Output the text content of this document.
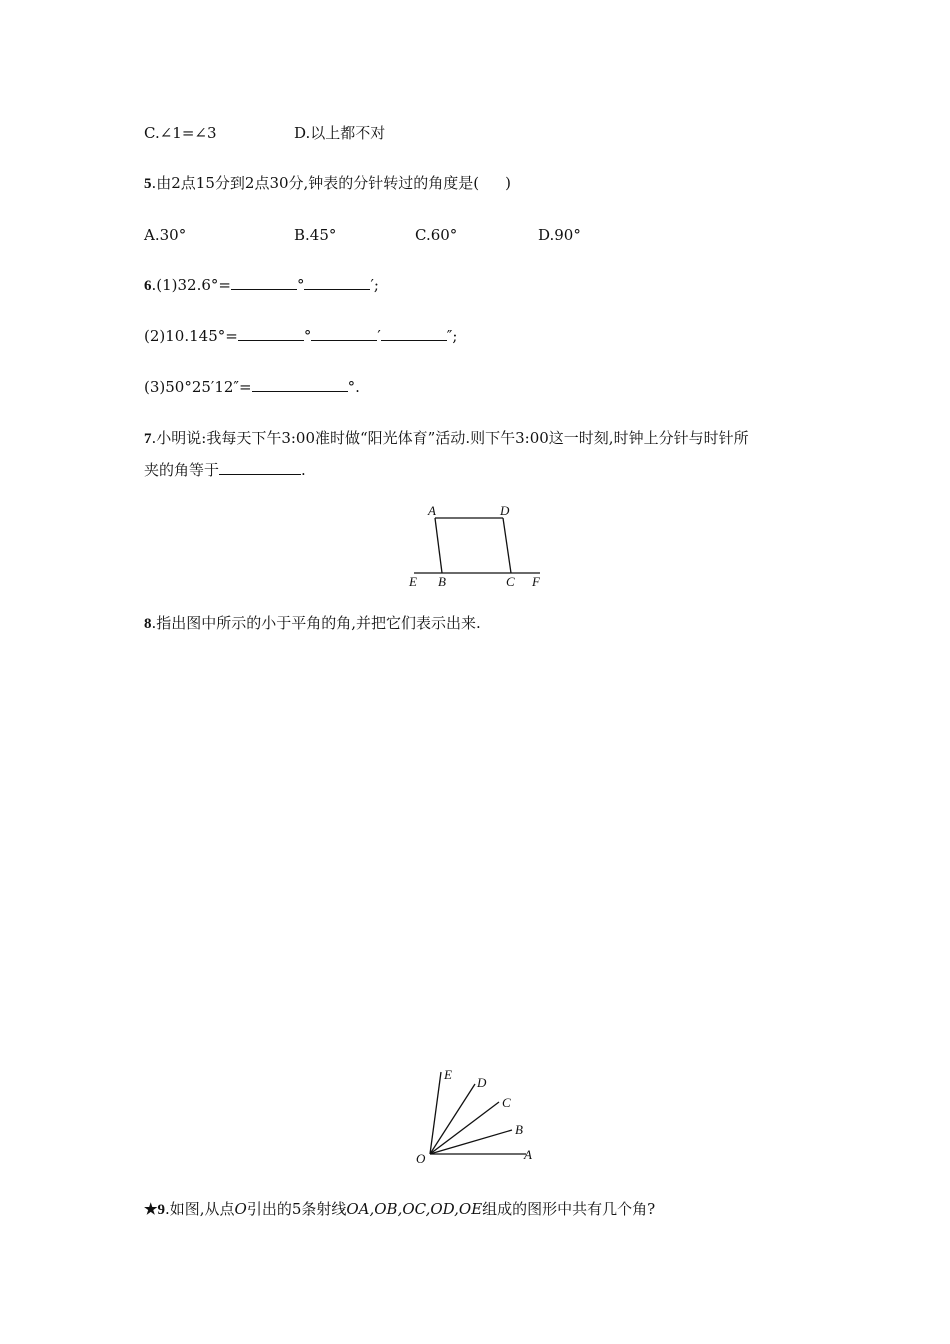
C.∠1=∠3	D.以上都不对
5.由2点15分到2点30分,钟表的分针转过的角度是( )
A.30°	B.45°	C.60°	D.90°
6.(1)32.6°=	°	′;
(2)10.145°=	°	′	″;
(3)50°25′12″=	°.
7.小明说:我每天下午3:00准时做“阳光体育”活动.则下午3:00这一时刻,时钟上分针与时针所
夹的角等于	.
A	D
E B	C F
8.指出图中所示的小于平角的角,并把它们表示出来.
E
D
C
B
A
O
★9.如图,从点O引出的5条射线OA,OB,OC,OD,OE组成的图形中共有几个角?
